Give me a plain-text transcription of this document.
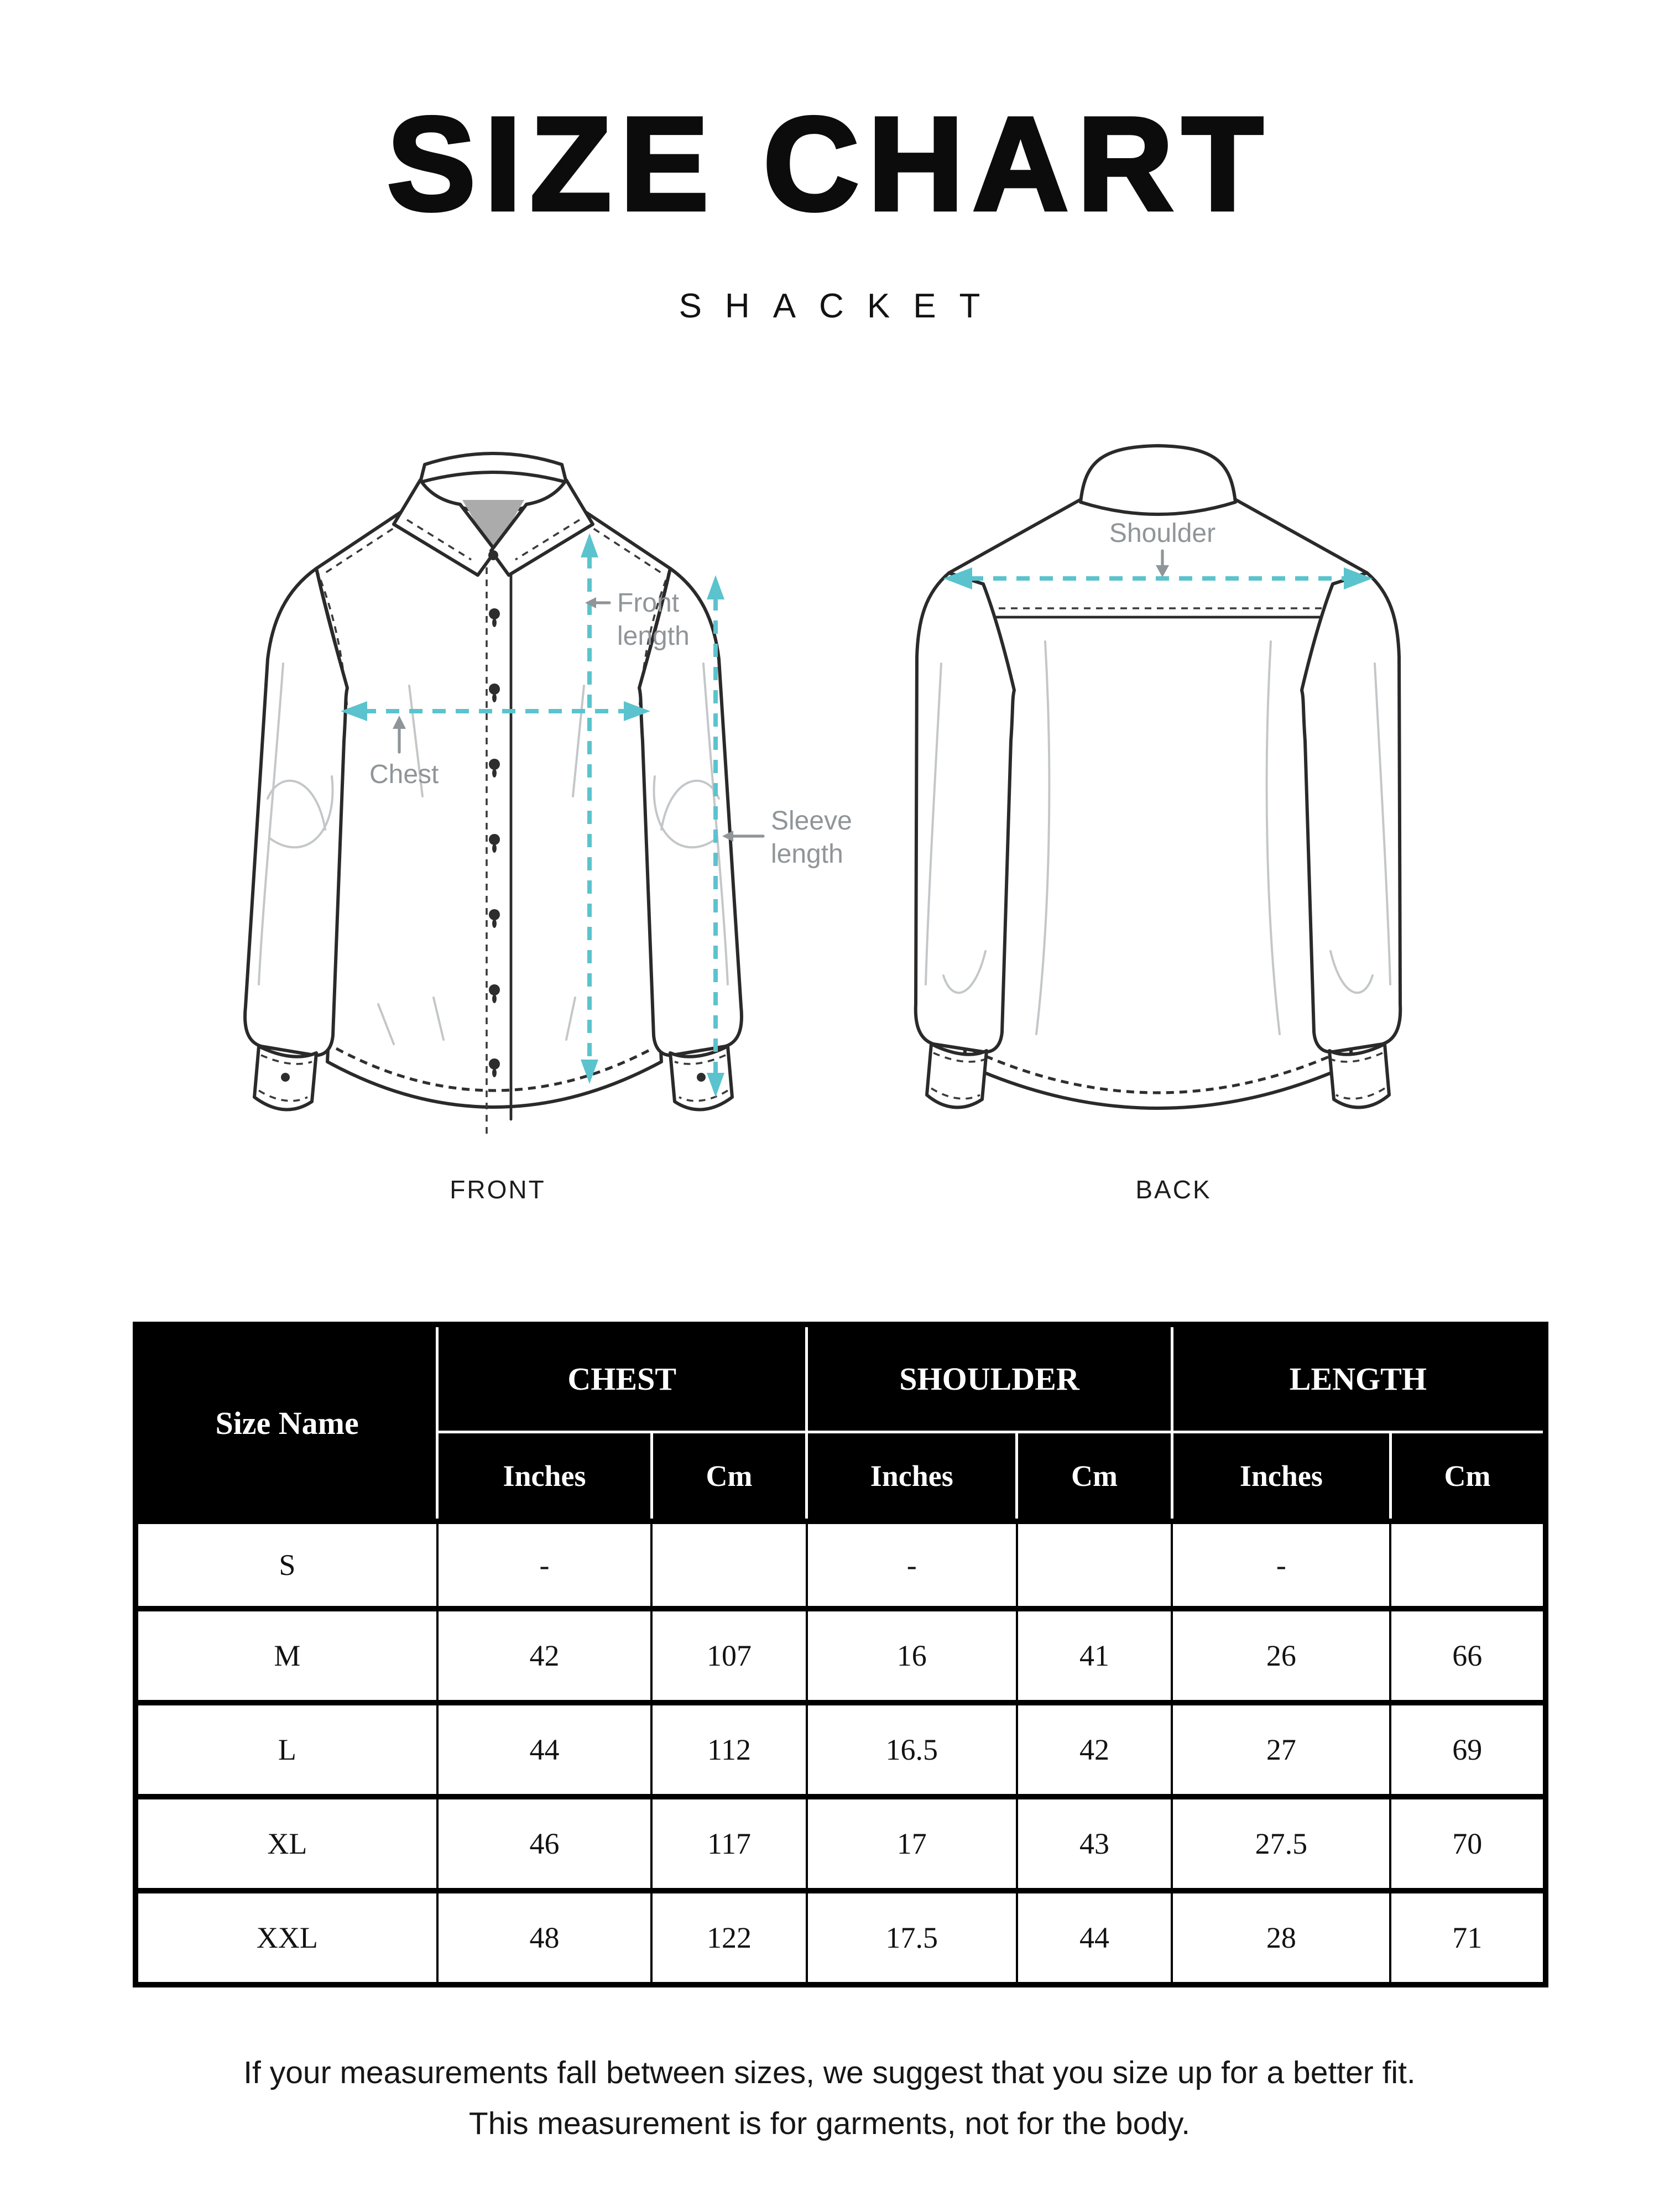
SIZE CHART
SHACKET
Front
length
Chest
Sleeve
length
Shoulder
FRONT	BACK
Size Name	CHEST		SHOULDER		LENGTH	
	Inches	Cm	Inches	Cm	Inches	Cm
S	-		-		-	
M	42	107	16	41	26	66
L	44	112	16.5	42	27	69
XL	46	117	17	43	27.5	70
XXL	48	122	17.5	44	28	71
If your measurements fall between sizes, we suggest that you size up for a better fit.
This measurement is for garments, not for the body.
